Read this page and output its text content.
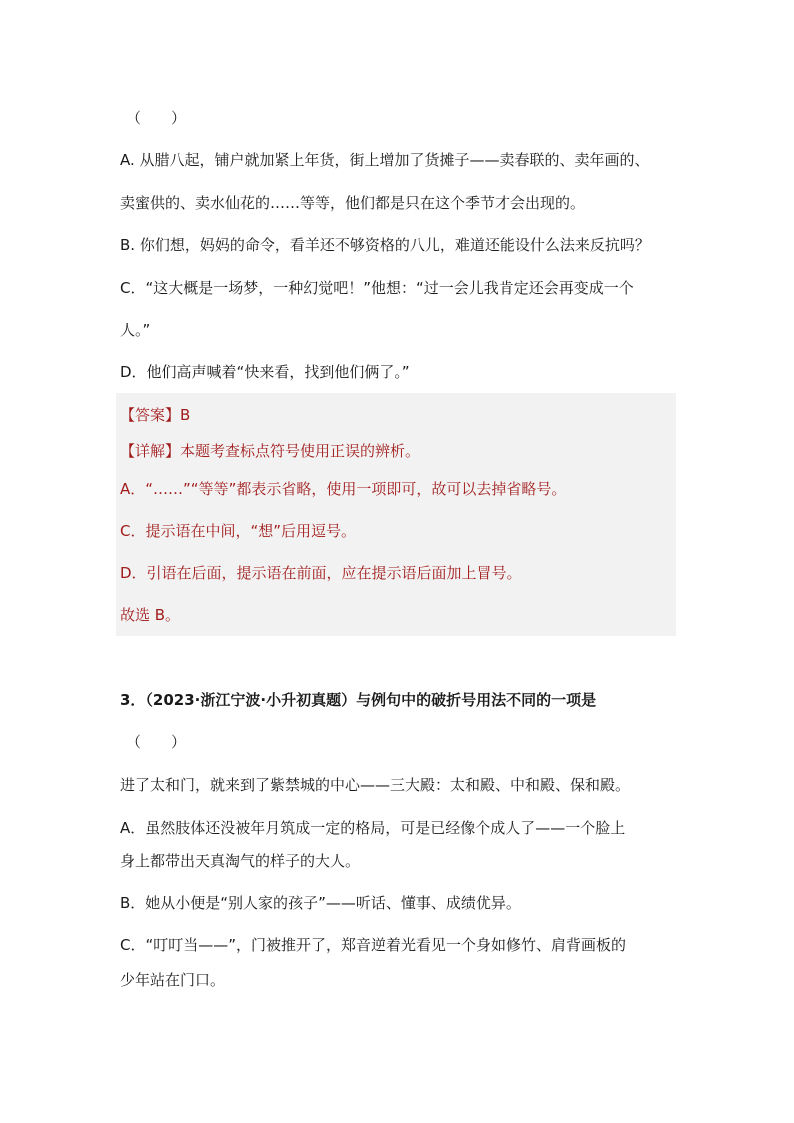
（　　）
A. 从腊八起，铺户就加紧上年货，街上增加了货摊子——卖春联的、卖年画的、
卖蜜供的、卖水仙花的……等等，他们都是只在这个季节才会出现的。
B. 你们想，妈妈的命令，看羊还不够资格的八儿，难道还能设什么法来反抗吗？
C．“这大概是一场梦，一种幻觉吧！”他想：“过一会儿我肯定还会再变成一个
人。”
D．他们高声喊着“快来看，找到他们俩了。”
【答案】B
【详解】本题考查标点符号使用正误的辨析。
A．“……”“等等”都表示省略，使用一项即可，故可以去掉省略号。
C．提示语在中间，“想”后用逗号。
D．引语在后面，提示语在前面，应在提示语后面加上冒号。
故选 B。
3．（2023·浙江宁波·小升初真题）与例句中的破折号用法不同的一项是
（　　）
进了太和门，就来到了紫禁城的中心——三大殿：太和殿、中和殿、保和殿。
A．虽然肢体还没被年月筑成一定的格局，可是已经像个成人了——一个脸上
身上都带出天真淘气的样子的大人。
B．她从小便是“别人家的孩子”——听话、懂事、成绩优异。
C．“叮叮当——”，门被推开了，郑音逆着光看见一个身如修竹、肩背画板的
少年站在门口。
